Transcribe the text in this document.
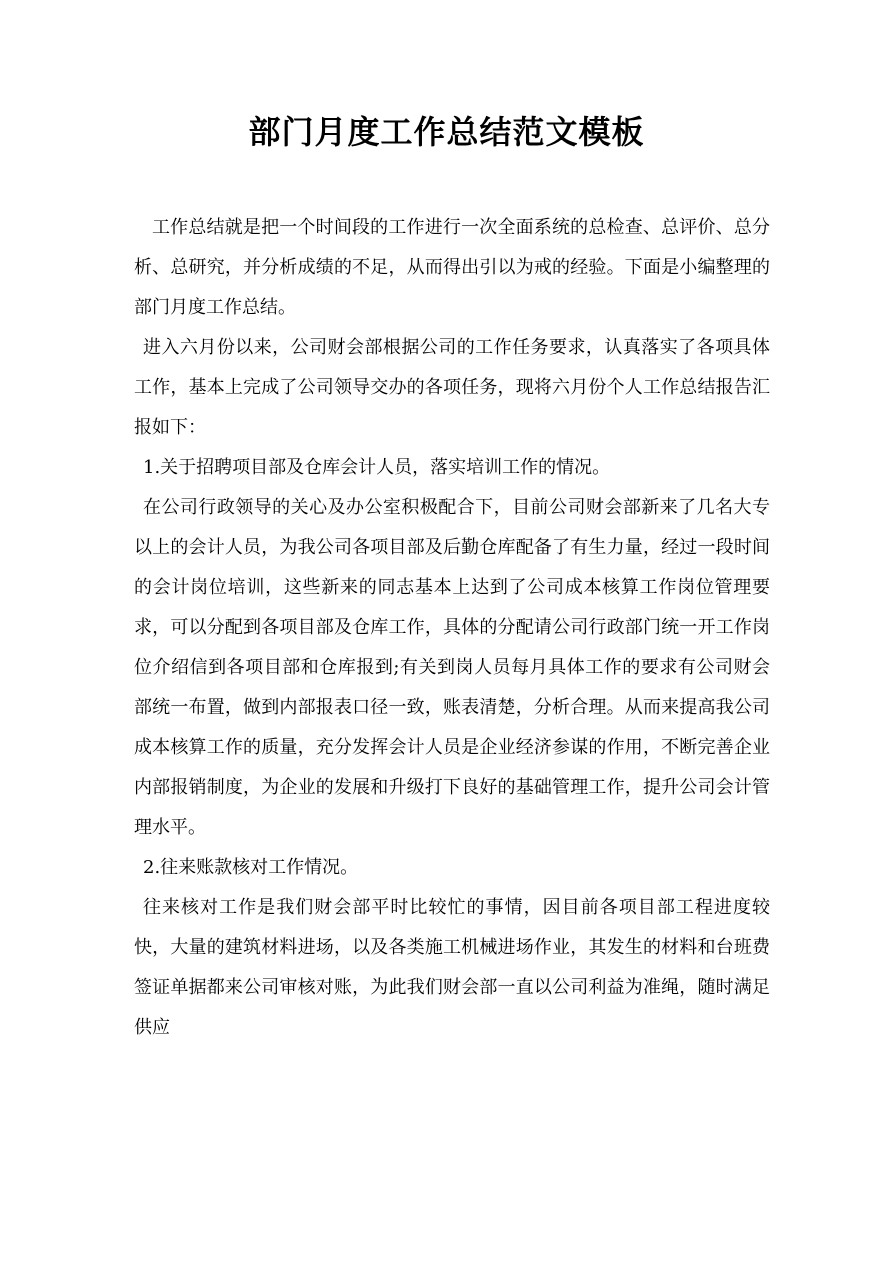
部门月度工作总结范文模板

工作总结就是把一个时间段的工作进行一次全面系统的总检查、总评价、总分析、总研究，并分析成绩的不足，从而得出引以为戒的经验。下面是小编整理的部门月度工作总结。

进入六月份以来，公司财会部根据公司的工作任务要求，认真落实了各项具体工作，基本上完成了公司领导交办的各项任务，现将六月份个人工作总结报告汇报如下：

1.关于招聘项目部及仓库会计人员，落实培训工作的情况。

在公司行政领导的关心及办公室积极配合下，目前公司财会部新来了几名大专以上的会计人员，为我公司各项目部及后勤仓库配备了有生力量，经过一段时间的会计岗位培训，这些新来的同志基本上达到了公司成本核算工作岗位管理要求，可以分配到各项目部及仓库工作，具体的分配请公司行政部门统一开工作岗位介绍信到各项目部和仓库报到;有关到岗人员每月具体工作的要求有公司财会部统一布置，做到内部报表口径一致，账表清楚，分析合理。从而来提高我公司成本核算工作的质量，充分发挥会计人员是企业经济参谋的作用，不断完善企业内部报销制度，为企业的发展和升级打下良好的基础管理工作，提升公司会计管理水平。

2.往来账款核对工作情况。

往来核对工作是我们财会部平时比较忙的事情，因目前各项目部工程进度较快，大量的建筑材料进场，以及各类施工机械进场作业，其发生的材料和台班费签证单据都来公司审核对账，为此我们财会部一直以公司利益为准绳，随时满足供应
